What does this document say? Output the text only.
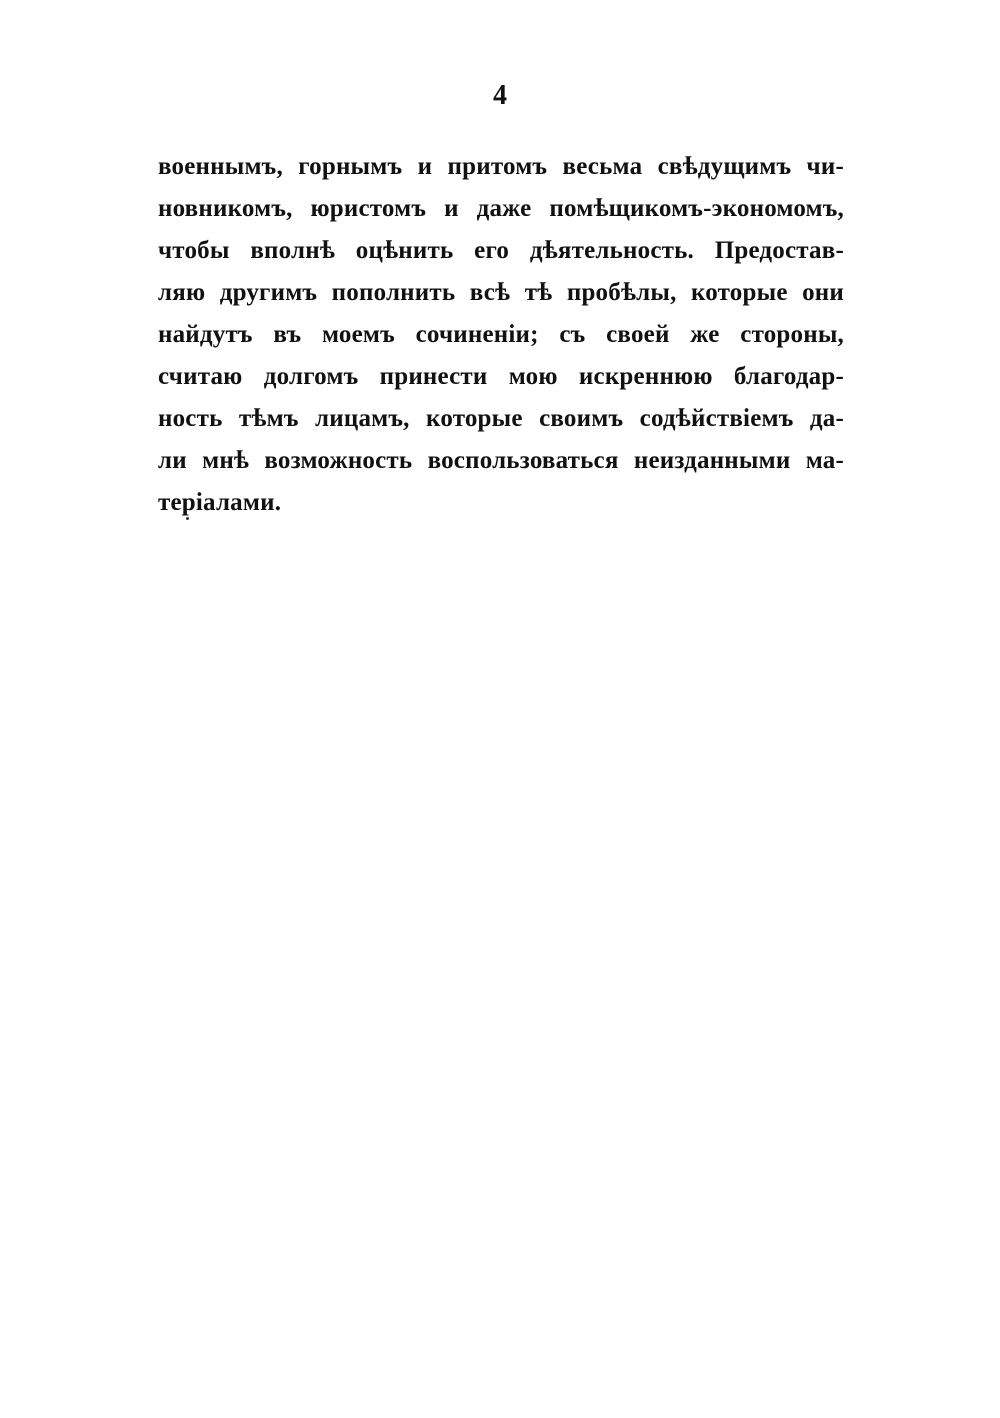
4
военнымъ, горнымъ и притомъ весьма свѣдущимъ чи-
новникомъ, юристомъ и даже помѣщикомъ-экономомъ,
чтобы вполнѣ оцѣнить его дѣятельность. Предостав-
ляю другимъ пополнить всѣ тѣ пробѣлы, которые они
найдутъ въ моемъ сочиненіи; съ своей же стороны,
считаю долгомъ принести мою искреннюю благодар-
ность тѣмъ лицамъ, которые своимъ содѣйствіемъ да-
ли мнѣ возможность воспользоваться неизданными ма-
теріалами.
